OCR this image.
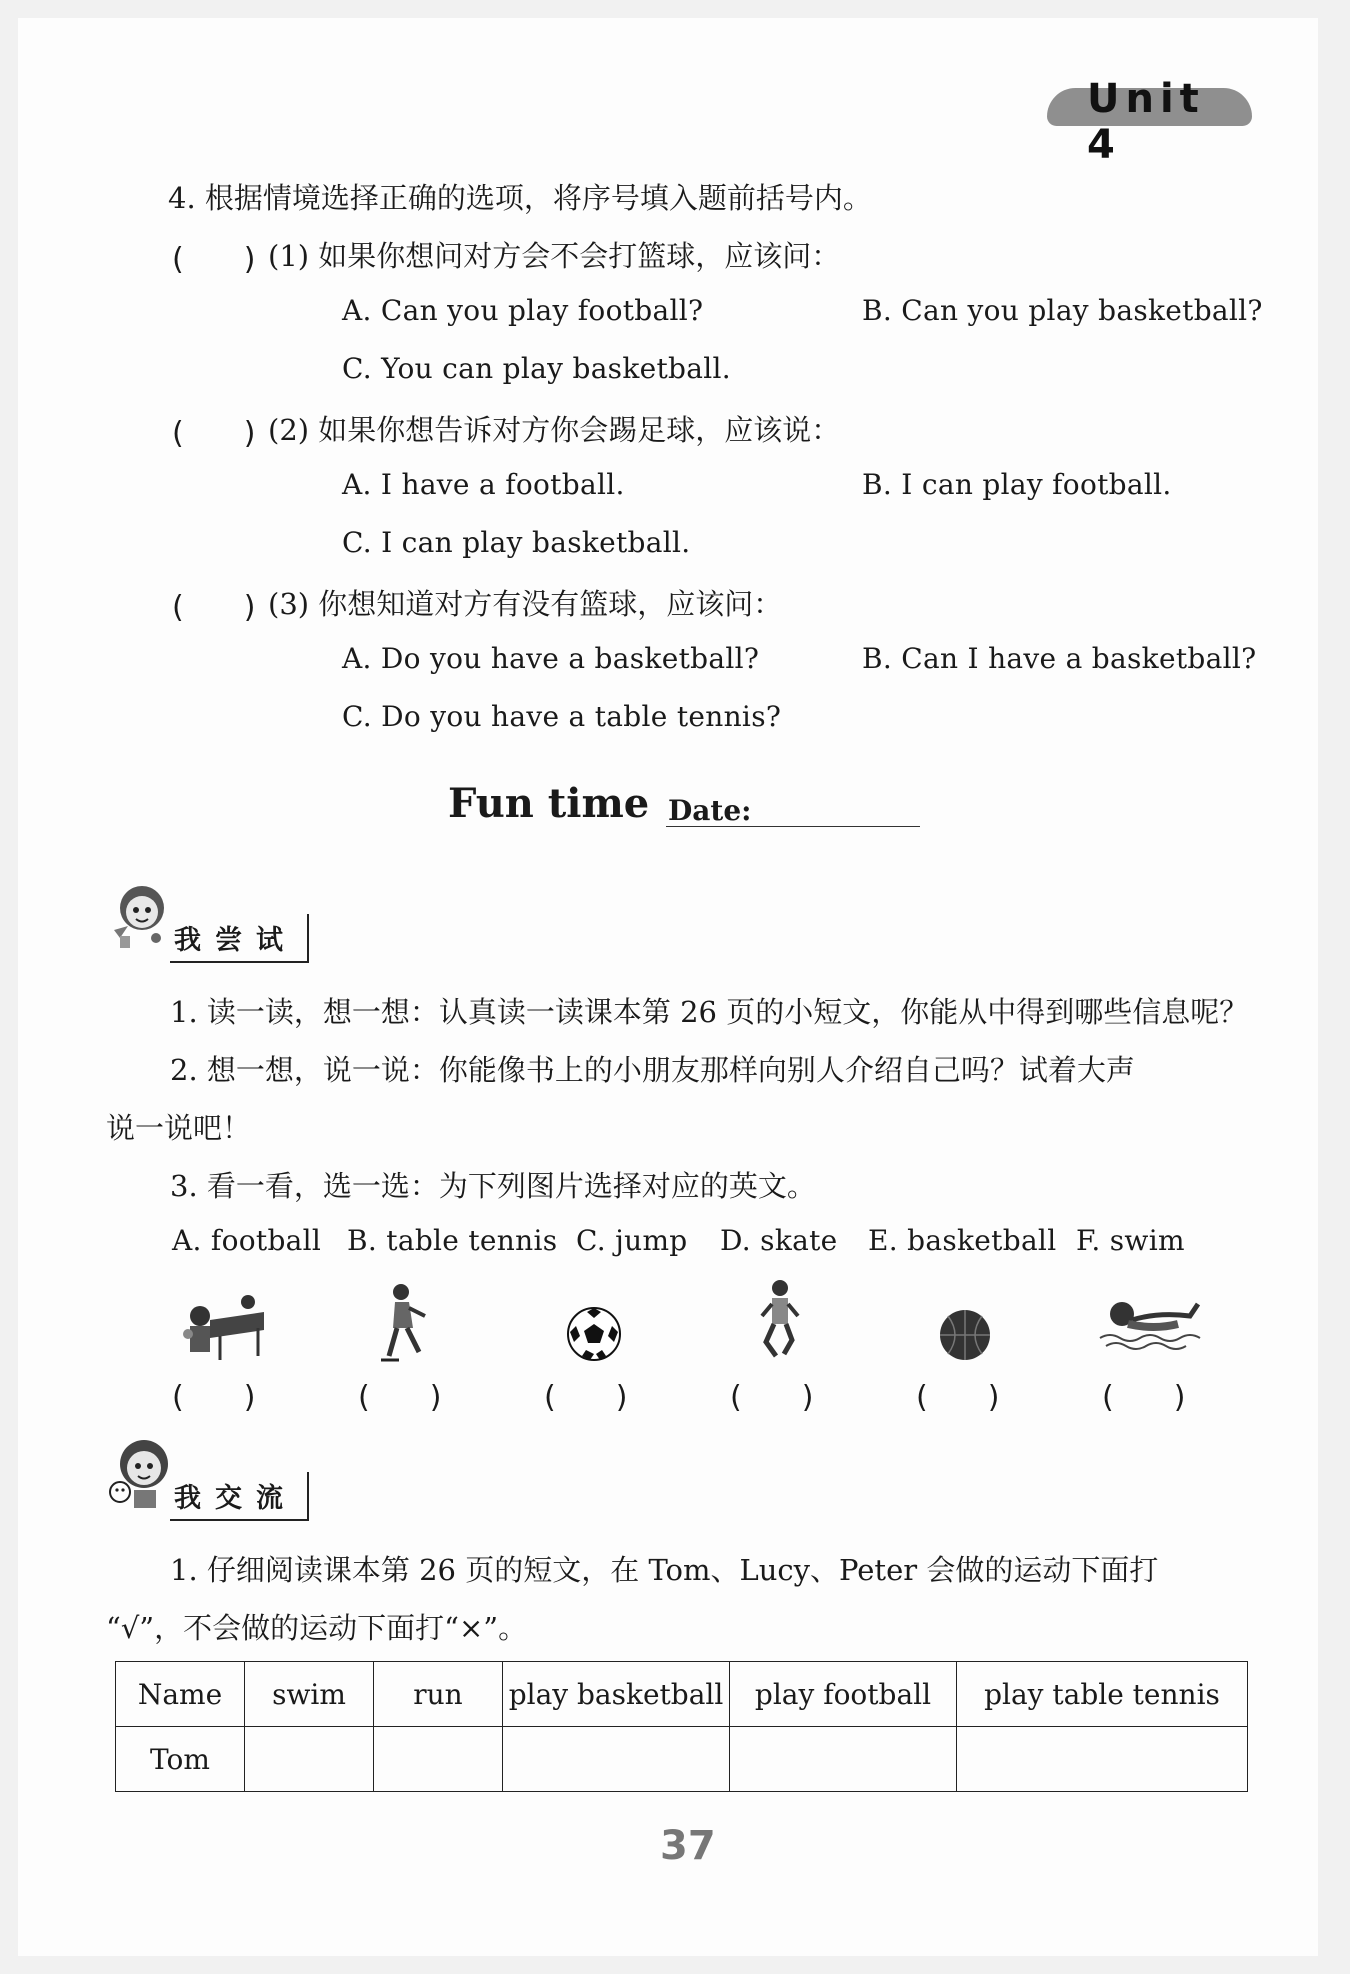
Unit 4
4. 根据情境选择正确的选项，将序号填入题前括号内。
(　　) (1) 如果你想问对方会不会打篮球，应该问：
A. Can you play football?	B. Can you play basketball?
C. You can play basketball.
(　　) (2) 如果你想告诉对方你会踢足球，应该说：
A. I have a football.	B. I can play football.
C. I can play basketball.
(　　) (3) 你想知道对方有没有篮球，应该问：
A. Do you have a basketball?	B. Can I have a basketball?
C. Do you have a table tennis?
Fun time Date:
我尝试
1. 读一读，想一想：认真读一读课本第 26 页的小短文，你能从中得到哪些信息呢？
2. 想一想，说一说：你能像书上的小朋友那样向别人介绍自己吗？试着大声
说一说吧！
3. 看一看，选一选：为下列图片选择对应的英文。
A. football B. table tennis C. jump D. skate E. basketball F. swim
(　　)	(　　)	(　　)	(　　)	(　　)	(　　)
我交流
1. 仔细阅读课本第 26 页的短文，在 Tom、Lucy、Peter 会做的运动下面打
“√”，不会做的运动下面打“×”。
Name	swim	run	play basketball	play football	play table tennis
Tom					
37
